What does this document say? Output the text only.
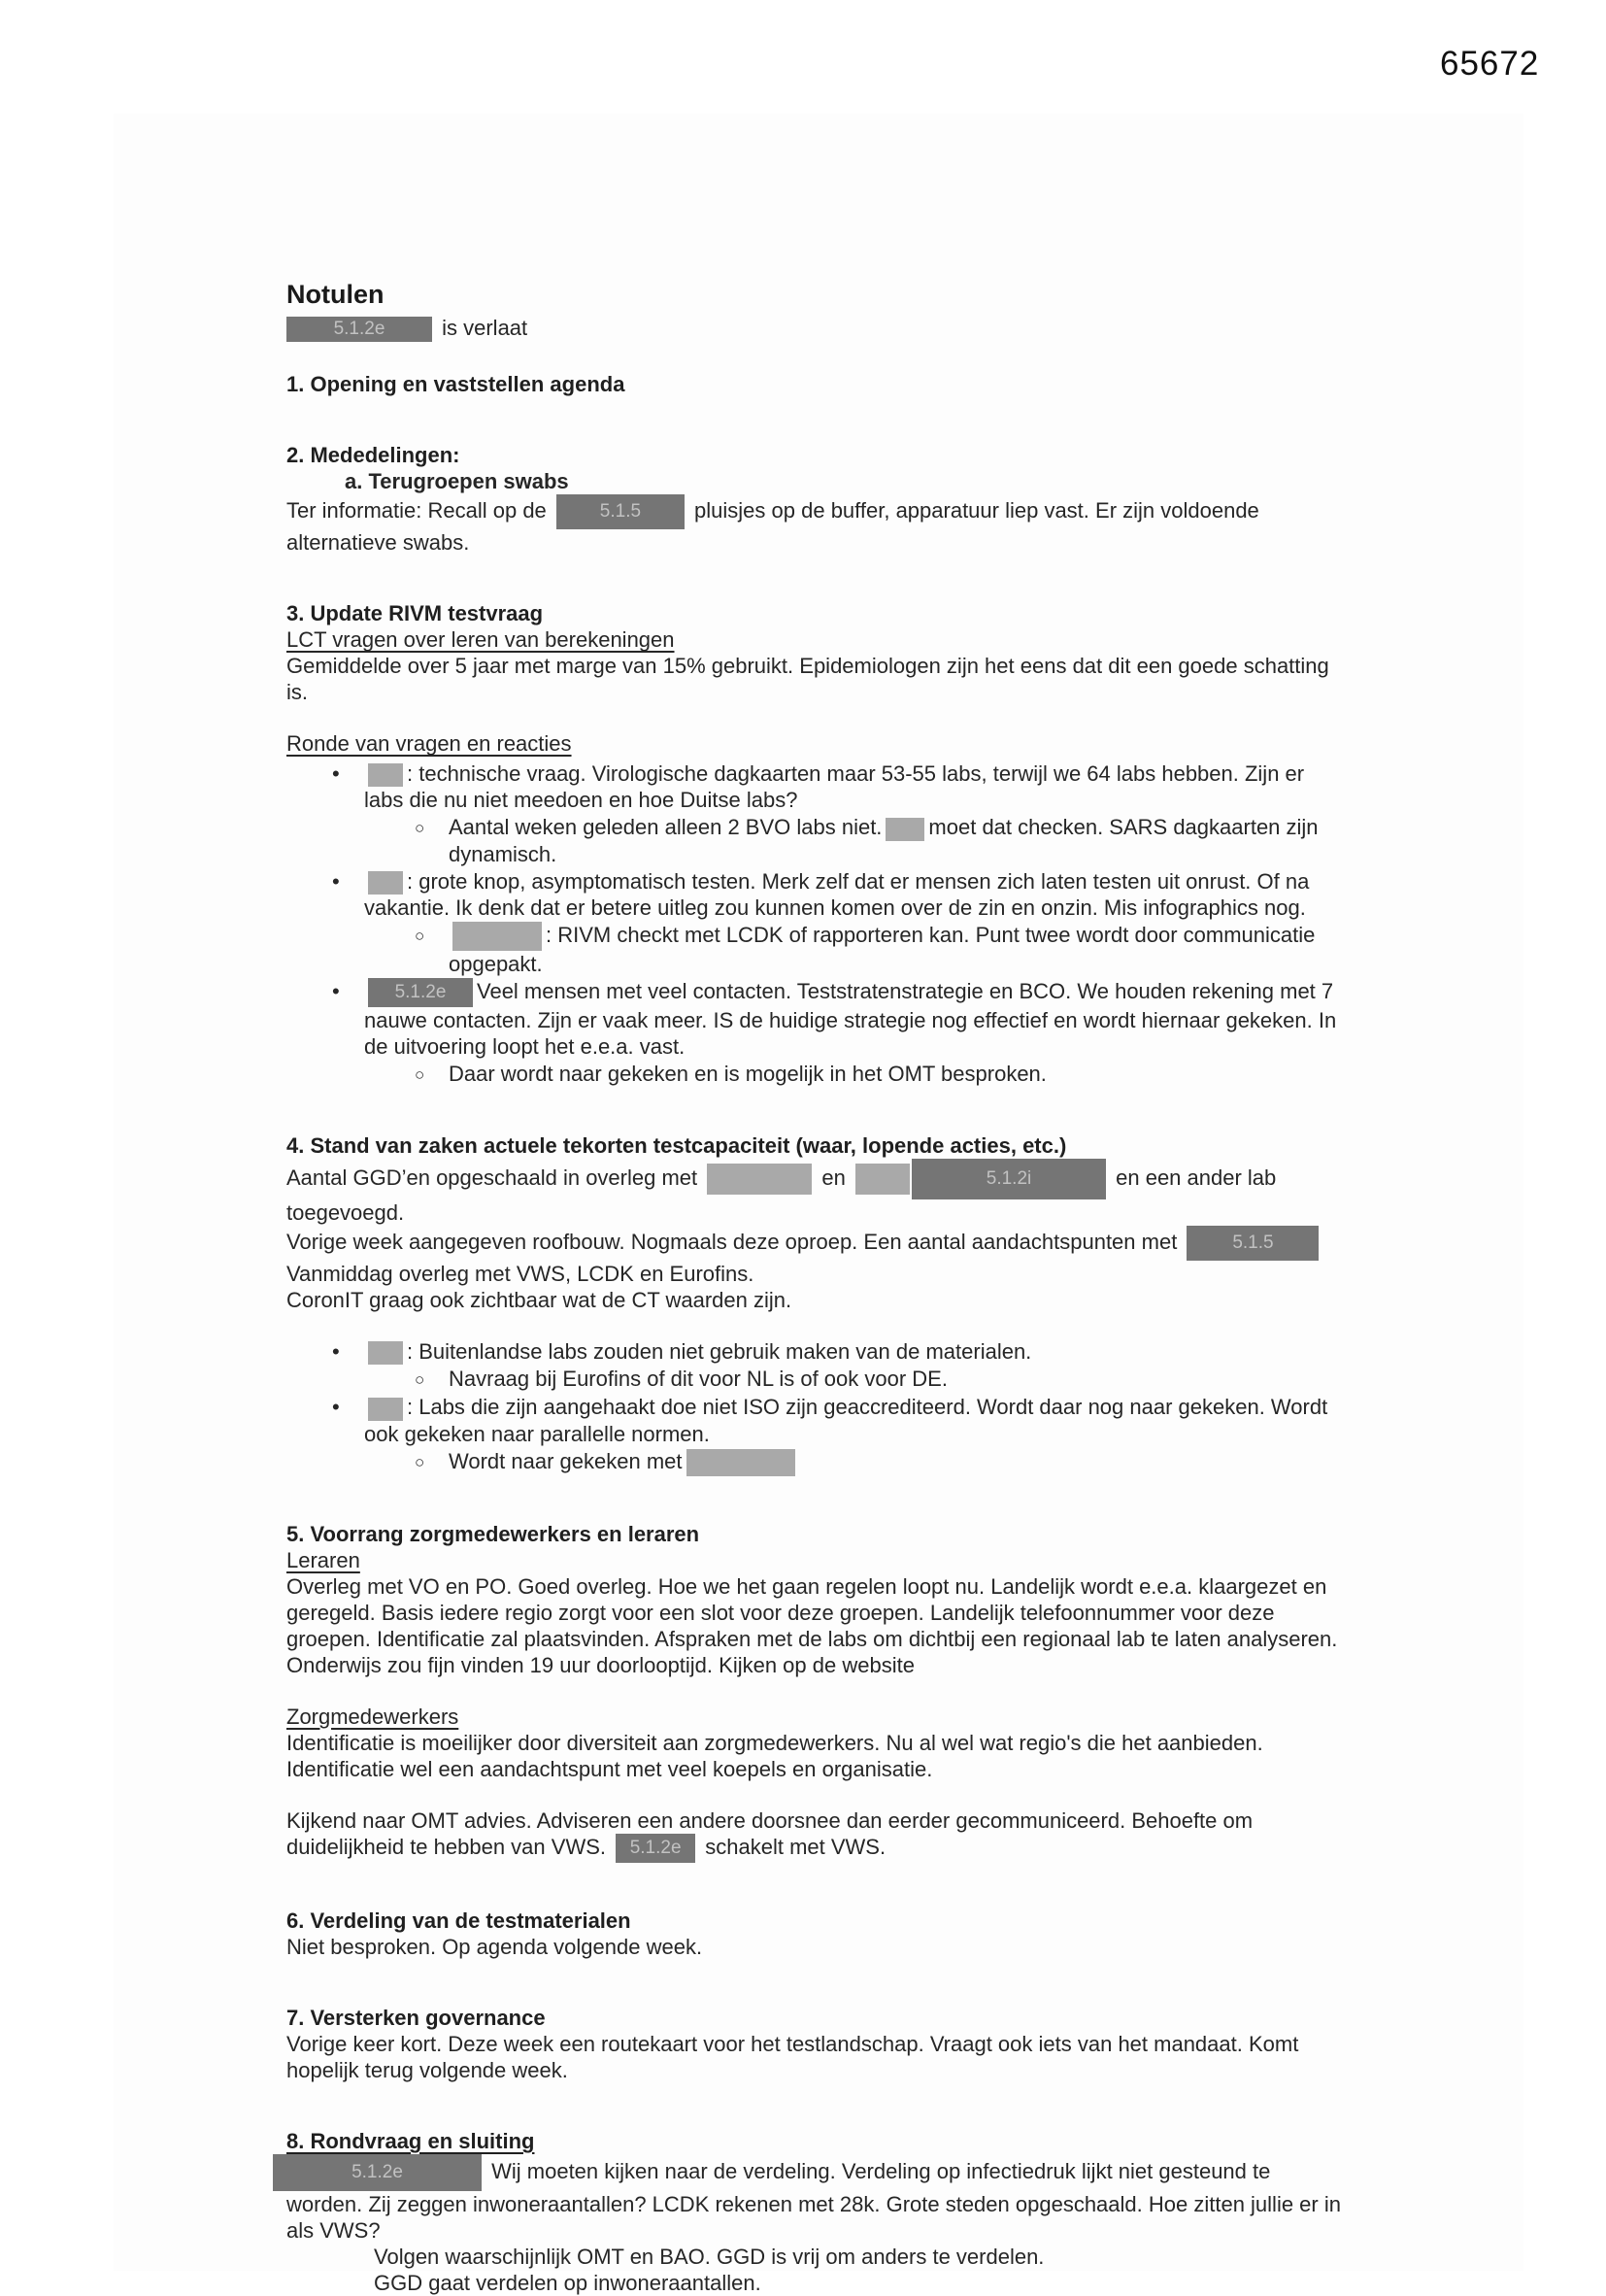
65672
Notulen

5.1.2e	is verlaat

1. Opening en vaststellen agenda
2. Mededelingen:
a. Terugroepen swabs

Ter informatie: Recall op de	5.1.5	pluisjes op de buffer, apparatuur liep vast. Er zijn voldoende alternatieve swabs.

3. Update RIVM testvraag
LCT vragen over leren van berekeningen

Gemiddelde over 5 jaar met marge van 15% gebruikt. Epidemiologen zijn het eens dat dit een goede schatting is.

Ronde van vragen en reacties
•	: technische vraag. Virologische dagkaarten maar 53-55 labs, terwijl we 64 labs hebben. Zijn er labs die nu niet meedoen en hoe Duitse labs?
○	Aantal weken geleden alleen 2 BVO labs niet. moet dat checken. SARS dagkaarten zijn dynamisch.
•	: grote knop, asymptomatisch testen. Merk zelf dat er mensen zich laten testen uit onrust. Of na vakantie. Ik denk dat er betere uitleg zou kunnen komen over de zin en onzin. Mis infographics nog.
○	: RIVM checkt met LCDK of rapporteren kan. Punt twee wordt door communicatie opgepakt.
•	5.1.2e Veel mensen met veel contacten. Teststratenstrategie en BCO. We houden rekening met 7 nauwe contacten. Zijn er vaak meer. IS de huidige strategie nog effectief en wordt hiernaar gekeken. In de uitvoering loopt het e.e.a. vast.
○	Daar wordt naar gekeken en is mogelijk in het OMT besproken.
4. Stand van zaken actuele tekorten testcapaciteit (waar, lopende acties, etc.)

Aantal GGD’en opgeschaald in overleg met	en	5.1.2i	en een ander lab toegevoegd.
Vorige week aangegeven roofbouw. Nogmaals deze oproep. Een aantal aandachtspunten met	5.1.5
Vanmiddag overleg met VWS, LCDK en Eurofins.
CoronIT graag ook zichtbaar wat de CT waarden zijn.

•	: Buitenlandse labs zouden niet gebruik maken van de materialen.
○	Navraag bij Eurofins of dit voor NL is of ook voor DE.
•	: Labs die zijn aangehaakt doe niet ISO zijn geaccrediteerd. Wordt daar nog naar gekeken. Wordt ook gekeken naar parallelle normen.
○	Wordt naar gekeken met
5. Voorrang zorgmedewerkers en leraren
Leraren

Overleg met VO en PO. Goed overleg. Hoe we het gaan regelen loopt nu. Landelijk wordt e.e.a. klaargezet en geregeld. Basis iedere regio zorgt voor een slot voor deze groepen. Landelijk telefoonnummer voor deze groepen. Identificatie zal plaatsvinden. Afspraken met de labs om dichtbij een regionaal lab te laten analyseren. Onderwijs zou fijn vinden 19 uur doorlooptijd. Kijken op de website

Zorgmedewerkers

Identificatie is moeilijker door diversiteit aan zorgmedewerkers. Nu al wel wat regio's die het aanbieden. Identificatie wel een aandachtspunt met veel koepels en organisatie.

Kijkend naar OMT advies. Adviseren een andere doorsnee dan eerder gecommuniceerd. Behoefte om duidelijkheid te hebben van VWS. 5.1.2e schakelt met VWS.

6. Verdeling van de testmaterialen

Niet besproken. Op agenda volgende week.

7. Versterken governance

Vorige keer kort. Deze week een routekaart voor het testlandschap. Vraagt ook iets van het mandaat. Komt hopelijk terug volgende week.

8. Rondvraag en sluiting

5.1.2e	Wij moeten kijken naar de verdeling. Verdeling op infectiedruk lijkt niet gesteund te worden. Zij zeggen inwoneraantallen? LCDK rekenen met 28k. Grote steden opgeschaald. Hoe zitten jullie er in als VWS?

Volgen waarschijnlijk OMT en BAO. GGD is vrij om anders te verdelen.

GGD gaat verdelen op inwoneraantallen.
